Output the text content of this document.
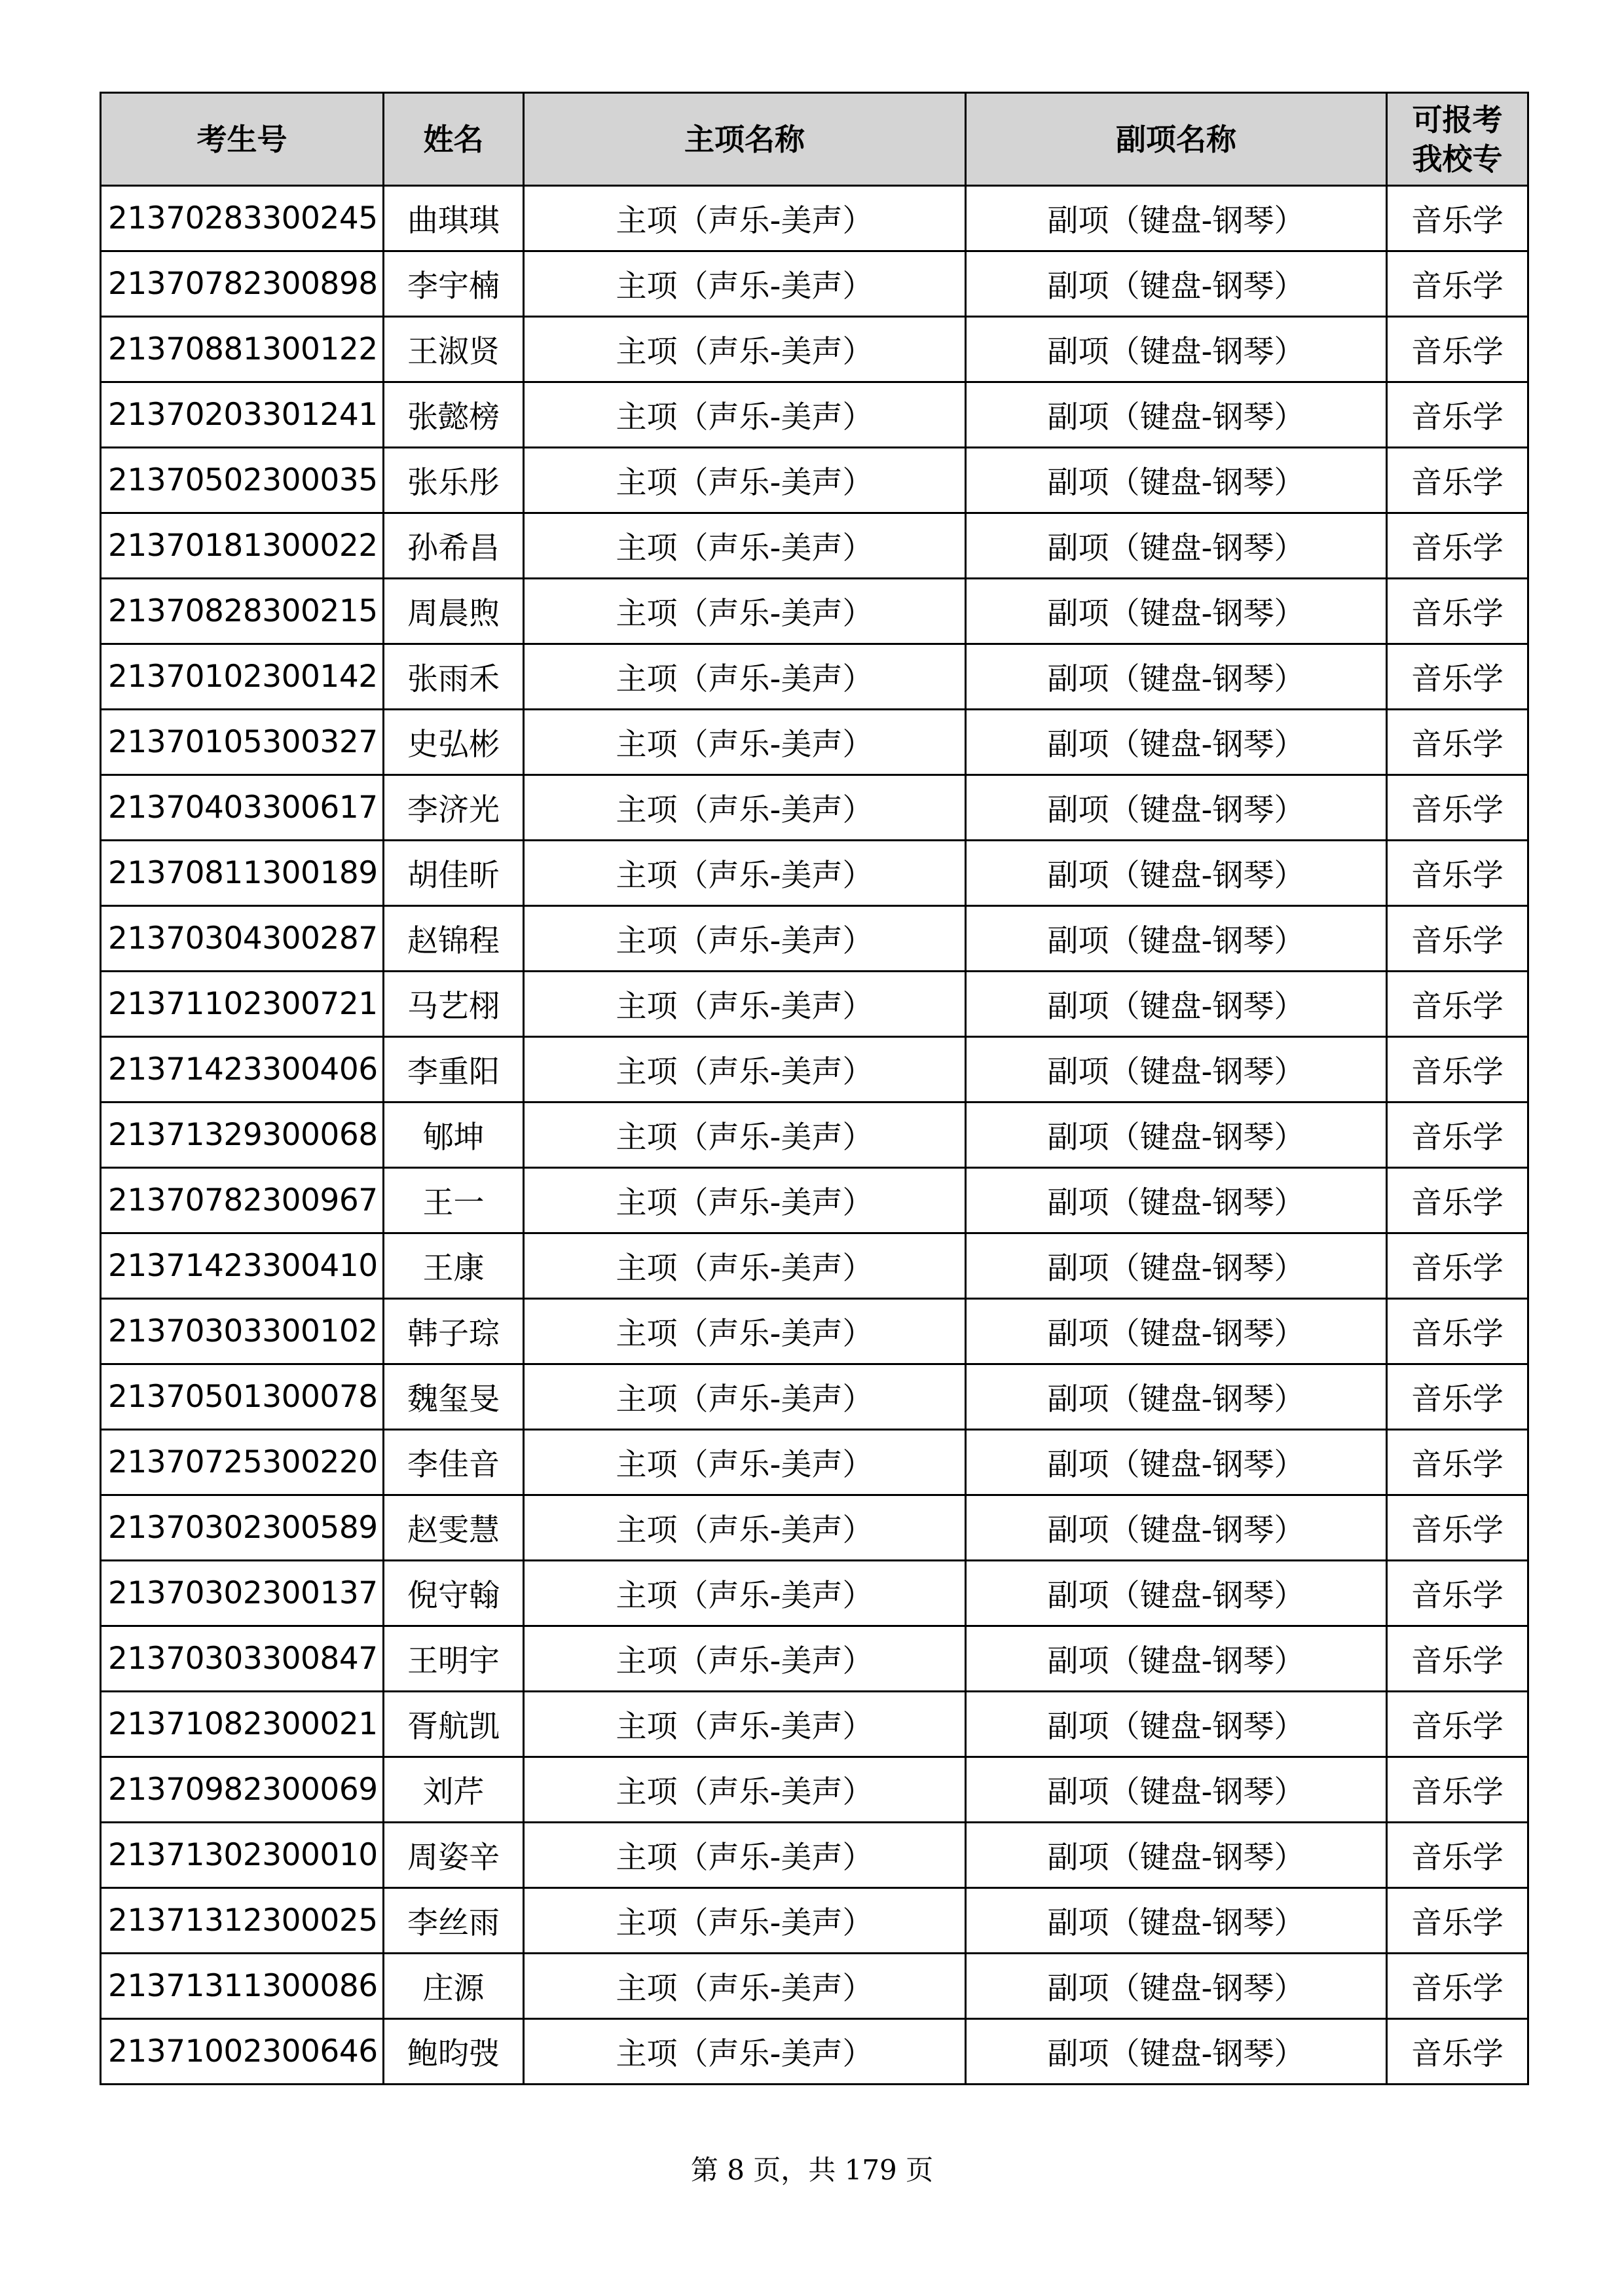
考生号	姓名	主项名称	副项名称	可报考
我校专
21370283300245	曲琪琪	主项（声乐-美声）	副项（键盘-钢琴）	音乐学
21370782300898	李宇楠	主项（声乐-美声）	副项（键盘-钢琴）	音乐学
21370881300122	王淑贤	主项（声乐-美声）	副项（键盘-钢琴）	音乐学
21370203301241	张懿榜	主项（声乐-美声）	副项（键盘-钢琴）	音乐学
21370502300035	张乐彤	主项（声乐-美声）	副项（键盘-钢琴）	音乐学
21370181300022	孙希昌	主项（声乐-美声）	副项（键盘-钢琴）	音乐学
21370828300215	周晨煦	主项（声乐-美声）	副项（键盘-钢琴）	音乐学
21370102300142	张雨禾	主项（声乐-美声）	副项（键盘-钢琴）	音乐学
21370105300327	史弘彬	主项（声乐-美声）	副项（键盘-钢琴）	音乐学
21370403300617	李济光	主项（声乐-美声）	副项（键盘-钢琴）	音乐学
21370811300189	胡佳昕	主项（声乐-美声）	副项（键盘-钢琴）	音乐学
21370304300287	赵锦程	主项（声乐-美声）	副项（键盘-钢琴）	音乐学
21371102300721	马艺栩	主项（声乐-美声）	副项（键盘-钢琴）	音乐学
21371423300406	李重阳	主项（声乐-美声）	副项（键盘-钢琴）	音乐学
21371329300068	郇坤	主项（声乐-美声）	副项（键盘-钢琴）	音乐学
21370782300967	王一	主项（声乐-美声）	副项（键盘-钢琴）	音乐学
21371423300410	王康	主项（声乐-美声）	副项（键盘-钢琴）	音乐学
21370303300102	韩子琮	主项（声乐-美声）	副项（键盘-钢琴）	音乐学
21370501300078	魏玺旻	主项（声乐-美声）	副项（键盘-钢琴）	音乐学
21370725300220	李佳音	主项（声乐-美声）	副项（键盘-钢琴）	音乐学
21370302300589	赵雯慧	主项（声乐-美声）	副项（键盘-钢琴）	音乐学
21370302300137	倪守翰	主项（声乐-美声）	副项（键盘-钢琴）	音乐学
21370303300847	王明宇	主项（声乐-美声）	副项（键盘-钢琴）	音乐学
21371082300021	胥航凯	主项（声乐-美声）	副项（键盘-钢琴）	音乐学
21370982300069	刘芹	主项（声乐-美声）	副项（键盘-钢琴）	音乐学
21371302300010	周姿辛	主项（声乐-美声）	副项（键盘-钢琴）	音乐学
21371312300025	李丝雨	主项（声乐-美声）	副项（键盘-钢琴）	音乐学
21371311300086	庄源	主项（声乐-美声）	副项（键盘-钢琴）	音乐学
21371002300646	鲍昀弢	主项（声乐-美声）	副项（键盘-钢琴）	音乐学
第 8 页，共 179 页
